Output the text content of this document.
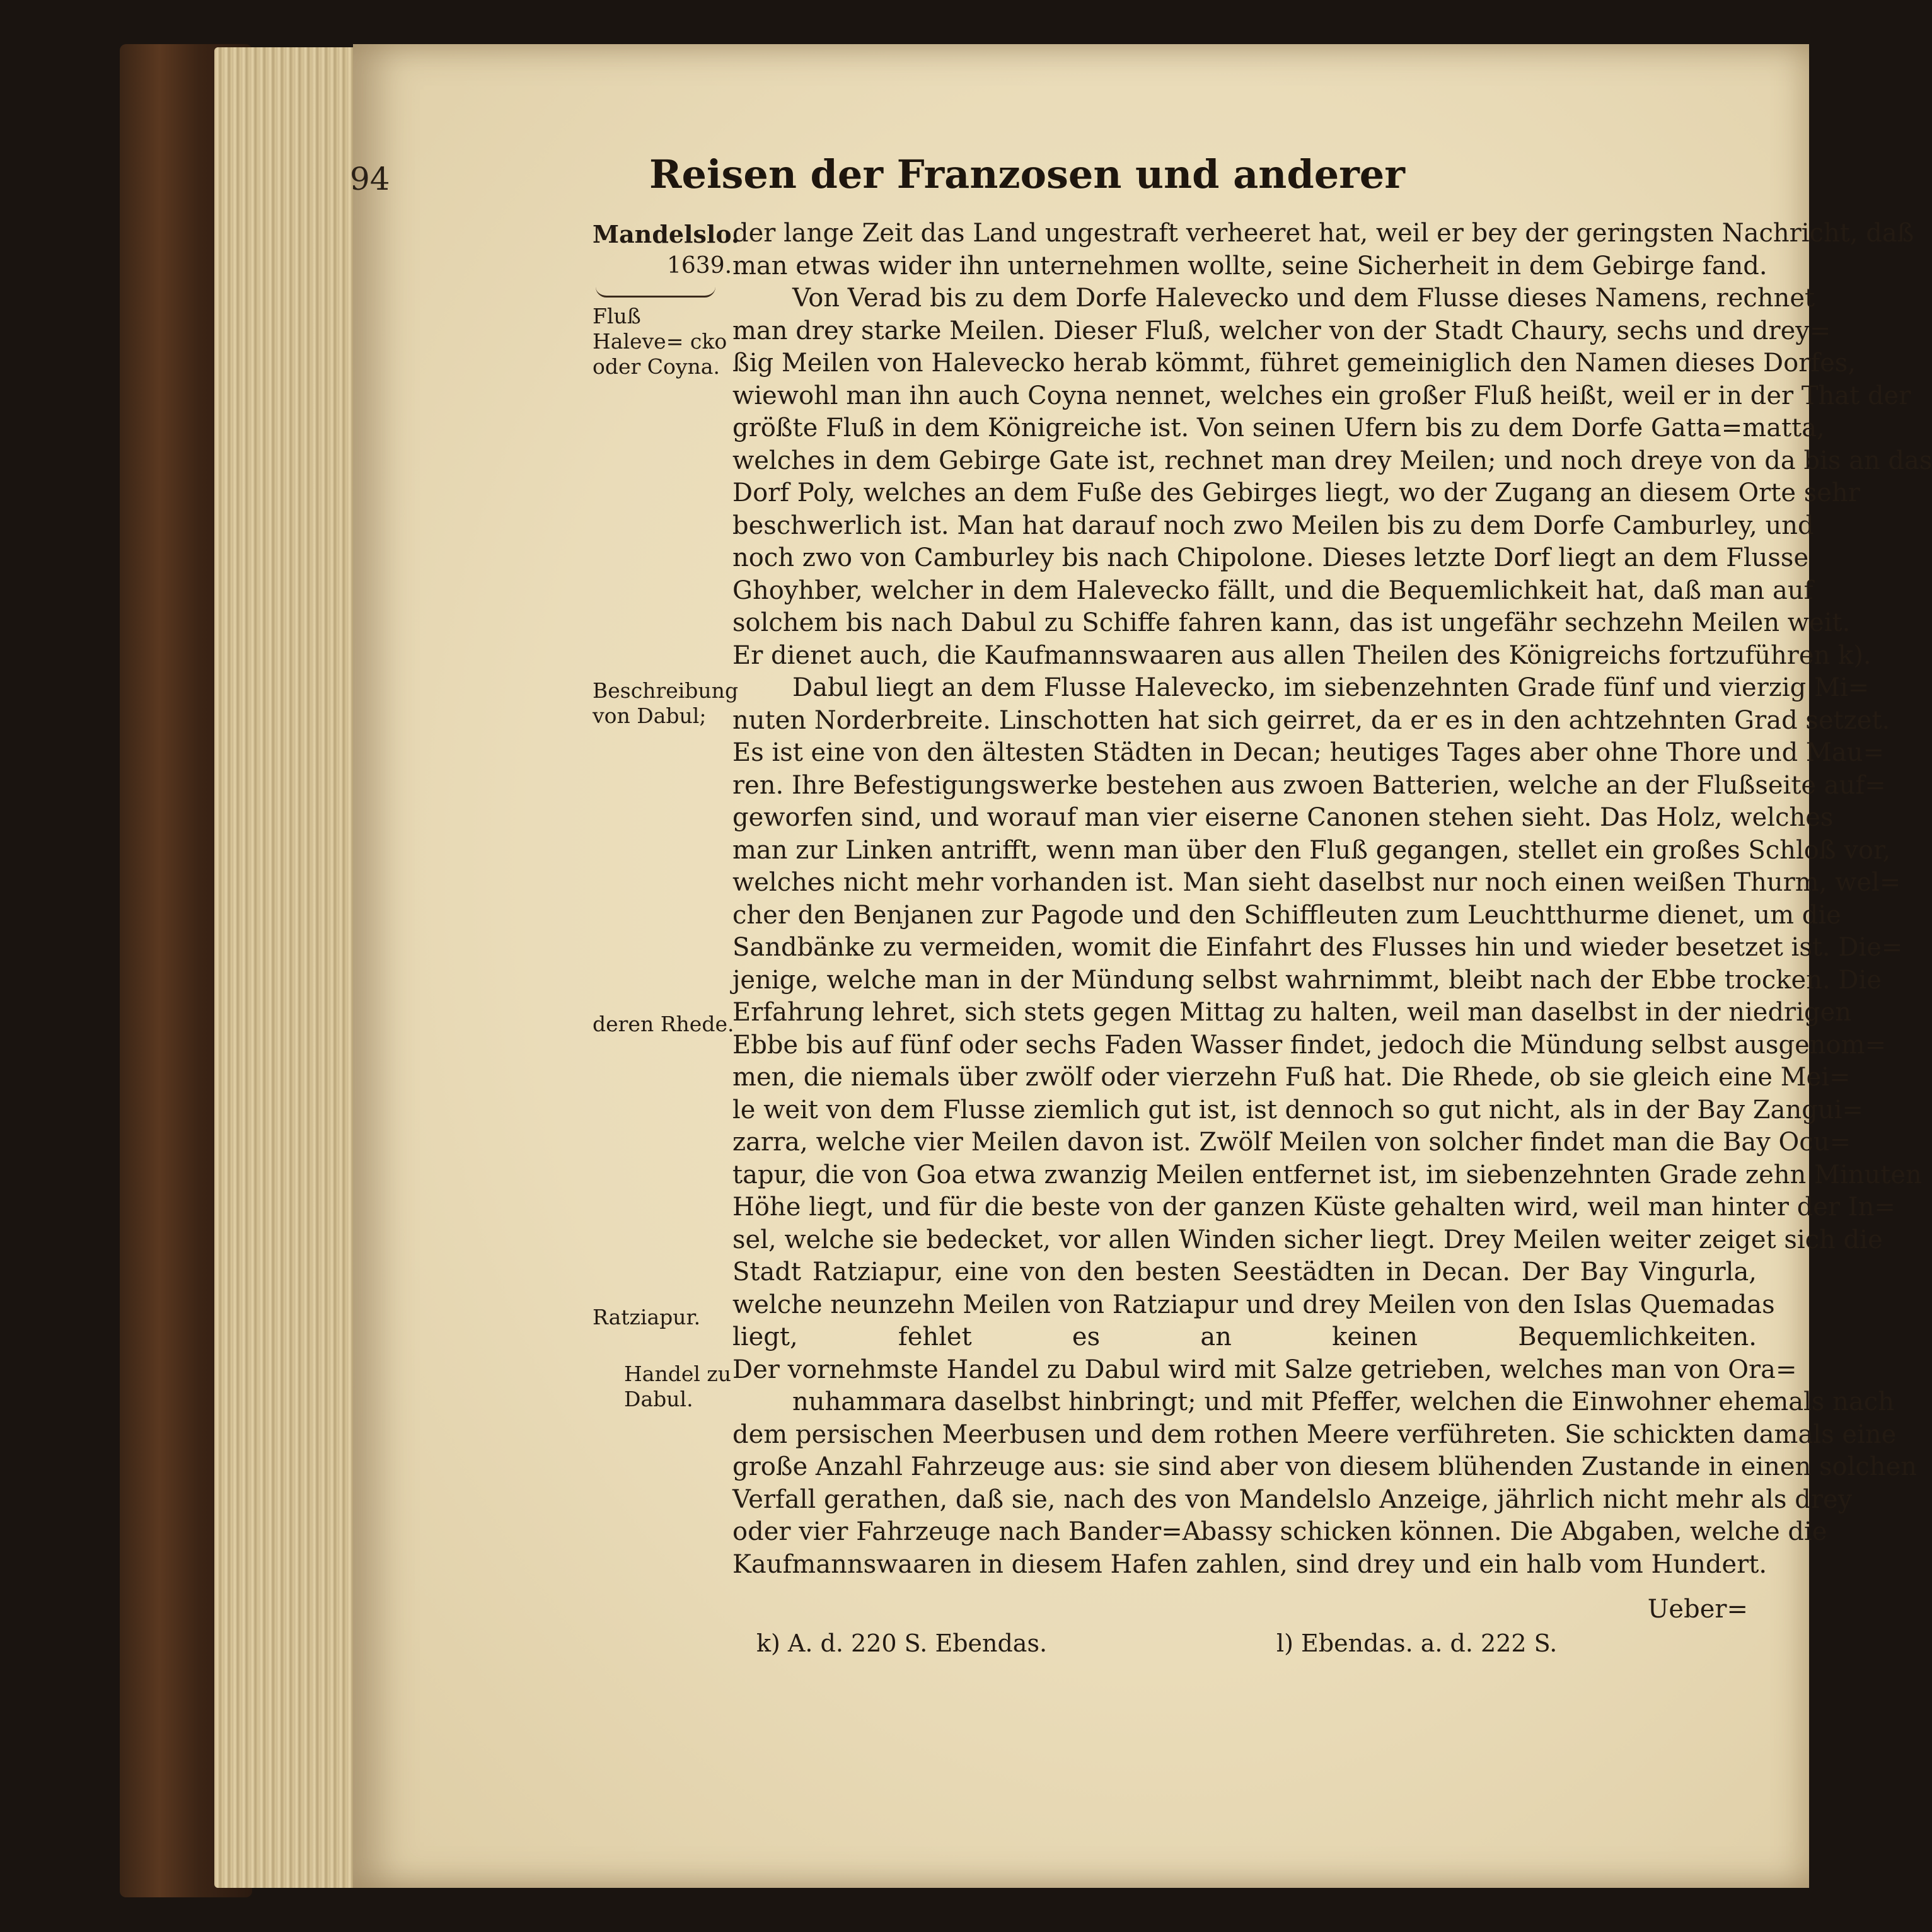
94	Reisen der Franzosen und anderer
Mandelslo.
1639.
Fluß Haleve= cko oder Coyna.
Beschreibung von Dabul;
deren Rhede.
Ratziapur.
Handel zu Dabul.
der lange Zeit das Land ungestraft verheeret hat, weil er bey der geringsten Nachricht, daß
man etwas wider ihn unternehmen wollte, seine Sicherheit in dem Gebirge fand.
Von Verad bis zu dem Dorfe Halevecko und dem Flusse dieses Namens, rechnet
man drey starke Meilen. Dieser Fluß, welcher von der Stadt Chaury, sechs und drey=
ßig Meilen von Halevecko herab kömmt, führet gemeiniglich den Namen dieses Dorfes,
wiewohl man ihn auch Coyna nennet, welches ein großer Fluß heißt, weil er in der That der
größte Fluß in dem Königreiche ist. Von seinen Ufern bis zu dem Dorfe Gatta=matta,
welches in dem Gebirge Gate ist, rechnet man drey Meilen; und noch dreye von da bis an das
Dorf Poly, welches an dem Fuße des Gebirges liegt, wo der Zugang an diesem Orte sehr
beschwerlich ist. Man hat darauf noch zwo Meilen bis zu dem Dorfe Camburley, und
noch zwo von Camburley bis nach Chipolone. Dieses letzte Dorf liegt an dem Flusse
Ghoyhber, welcher in dem Halevecko fällt, und die Bequemlichkeit hat, daß man auf
solchem bis nach Dabul zu Schiffe fahren kann, das ist ungefähr sechzehn Meilen weit.
Er dienet auch, die Kaufmannswaaren aus allen Theilen des Königreichs fortzuführen k).
Dabul liegt an dem Flusse Halevecko, im siebenzehnten Grade fünf und vierzig Mi=
nuten Norderbreite. Linschotten hat sich geirret, da er es in den achtzehnten Grad setzet.
Es ist eine von den ältesten Städten in Decan; heutiges Tages aber ohne Thore und Mau=
ren. Ihre Befestigungswerke bestehen aus zwoen Batterien, welche an der Flußseite auf=
geworfen sind, und worauf man vier eiserne Canonen stehen sieht. Das Holz, welches
man zur Linken antrifft, wenn man über den Fluß gegangen, stellet ein großes Schloß vor,
welches nicht mehr vorhanden ist. Man sieht daselbst nur noch einen weißen Thurm, wel=
cher den Benjanen zur Pagode und den Schiffleuten zum Leuchtthurme dienet, um die
Sandbänke zu vermeiden, womit die Einfahrt des Flusses hin und wieder besetzet ist. Die=
jenige, welche man in der Mündung selbst wahrnimmt, bleibt nach der Ebbe trocken. Die
Erfahrung lehret, sich stets gegen Mittag zu halten, weil man daselbst in der niedrigen
Ebbe bis auf fünf oder sechs Faden Wasser findet, jedoch die Mündung selbst ausgenom=
men, die niemals über zwölf oder vierzehn Fuß hat. Die Rhede, ob sie gleich eine Mei=
le weit von dem Flusse ziemlich gut ist, ist dennoch so gut nicht, als in der Bay Zangui=
zarra, welche vier Meilen davon ist. Zwölf Meilen von solcher findet man die Bay Ocu=
tapur, die von Goa etwa zwanzig Meilen entfernet ist, im siebenzehnten Grade zehn Minuten
Höhe liegt, und für die beste von der ganzen Küste gehalten wird, weil man hinter der In=
sel, welche sie bedecket, vor allen Winden sicher liegt. Drey Meilen weiter zeiget sich die
Stadt Ratziapur, eine von den besten Seestädten in Decan. Der Bay Vingurla,
welche neunzehn Meilen von Ratziapur und drey Meilen von den Islas Quemadas
liegt, fehlet es an keinen Bequemlichkeiten.
Der vornehmste Handel zu Dabul wird mit Salze getrieben, welches man von Ora=
nuhammara daselbst hinbringt; und mit Pfeffer, welchen die Einwohner ehemals nach
dem persischen Meerbusen und dem rothen Meere verführeten. Sie schickten damals eine
große Anzahl Fahrzeuge aus: sie sind aber von diesem blühenden Zustande in einen solchen
Verfall gerathen, daß sie, nach des von Mandelslo Anzeige, jährlich nicht mehr als drey
oder vier Fahrzeuge nach Bander=Abassy schicken können. Die Abgaben, welche die
Kaufmannswaaren in diesem Hafen zahlen, sind drey und ein halb vom Hundert.
Ueber=
k) A. d. 220 S. Ebendas.	l) Ebendas. a. d. 222 S.
